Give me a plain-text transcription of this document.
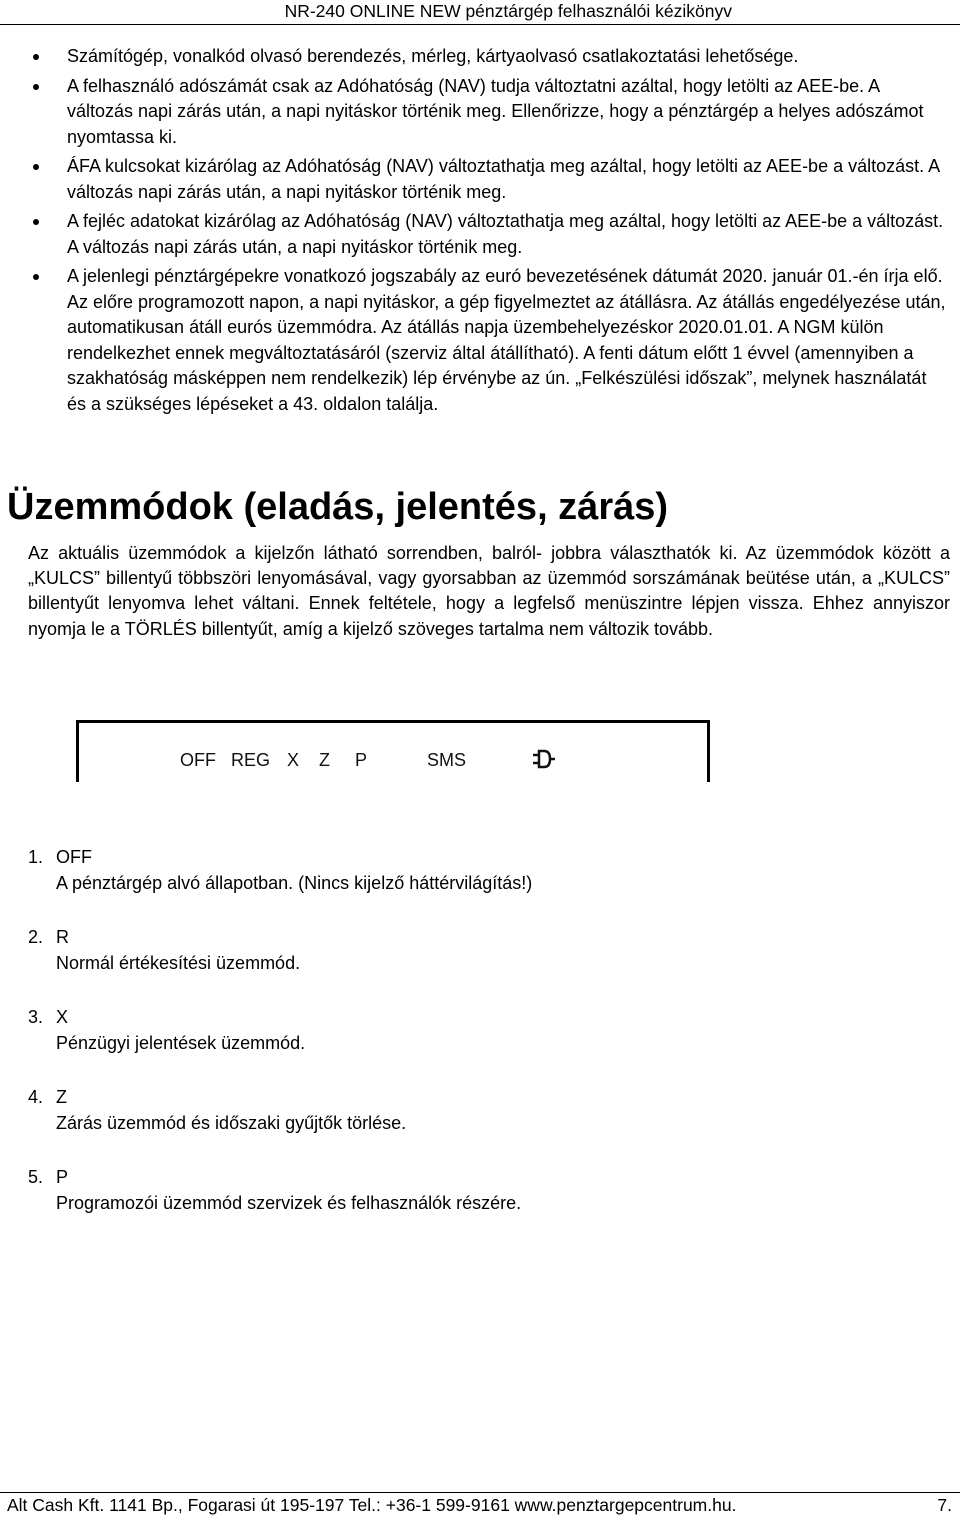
NR-240 ONLINE NEW pénztárgép felhasználói kézikönyv
Számítógép, vonalkód olvasó berendezés, mérleg, kártyaolvasó csatlakoztatási lehetősége.
A felhasználó adószámát csak az Adóhatóság (NAV) tudja változtatni azáltal, hogy letölti az AEE-be. A változás napi zárás után, a napi nyitáskor történik meg. Ellenőrizze, hogy a pénztárgép a helyes adószámot nyomtassa ki.
ÁFA kulcsokat kizárólag az Adóhatóság (NAV) változtathatja meg azáltal, hogy letölti az AEE-be a változást. A változás napi zárás után, a napi nyitáskor történik meg.
A fejléc adatokat kizárólag az Adóhatóság (NAV) változtathatja meg azáltal, hogy letölti az AEE-be a változást. A változás napi zárás után, a napi nyitáskor történik meg.
A jelenlegi pénztárgépekre vonatkozó jogszabály az euró bevezetésének dátumát 2020. január 01.-én írja elő. Az előre programozott napon, a napi nyitáskor, a gép figyelmeztet az átállásra. Az átállás engedélyezése után, automatikusan átáll eurós üzemmódra. Az átállás napja üzembehelyezéskor 2020.01.01. A NGM külön rendelkezhet ennek megváltoztatásáról (szerviz által átállítható). A fenti dátum előtt 1 évvel (amennyiben a szakhatóság másképpen nem rendelkezik) lép érvénybe az ún. „Felkészülési időszak”, melynek használatát és a szükséges lépéseket a 43. oldalon találja.
Üzemmódok (eladás, jelentés, zárás)

Az aktuális üzemmódok a kijelzőn látható sorrendben, balról- jobbra választhatók ki. Az üzemmódok között a „KULCS” billentyű többszöri lenyomásával, vagy gyorsabban az üzemmód sorszámának beütése után, a „KULCS” billentyűt lenyomva lehet váltani. Ennek feltétele, hogy a legfelső menüszintre lépjen vissza. Ehhez annyiszor nyomja le a TÖRLÉS billentyűt, amíg a kijelző szöveges tartalma nem változik tovább.

OFF REG X Z P	SMS
1. OFF
A pénztárgép alvó állapotban. (Nincs kijelző háttérvilágítás!)
2. R
Normál értékesítési üzemmód.
3. X
Pénzügyi jelentések üzemmód.
4. Z
Zárás üzemmód és időszaki gyűjtők törlése.
5. P
Programozói üzemmód szervizek és felhasználók részére.
Alt Cash Kft. 1141 Bp., Fogarasi út 195-197 Tel.: +36-1 599-9161 www.penztargepcentrum.hu.	7.
